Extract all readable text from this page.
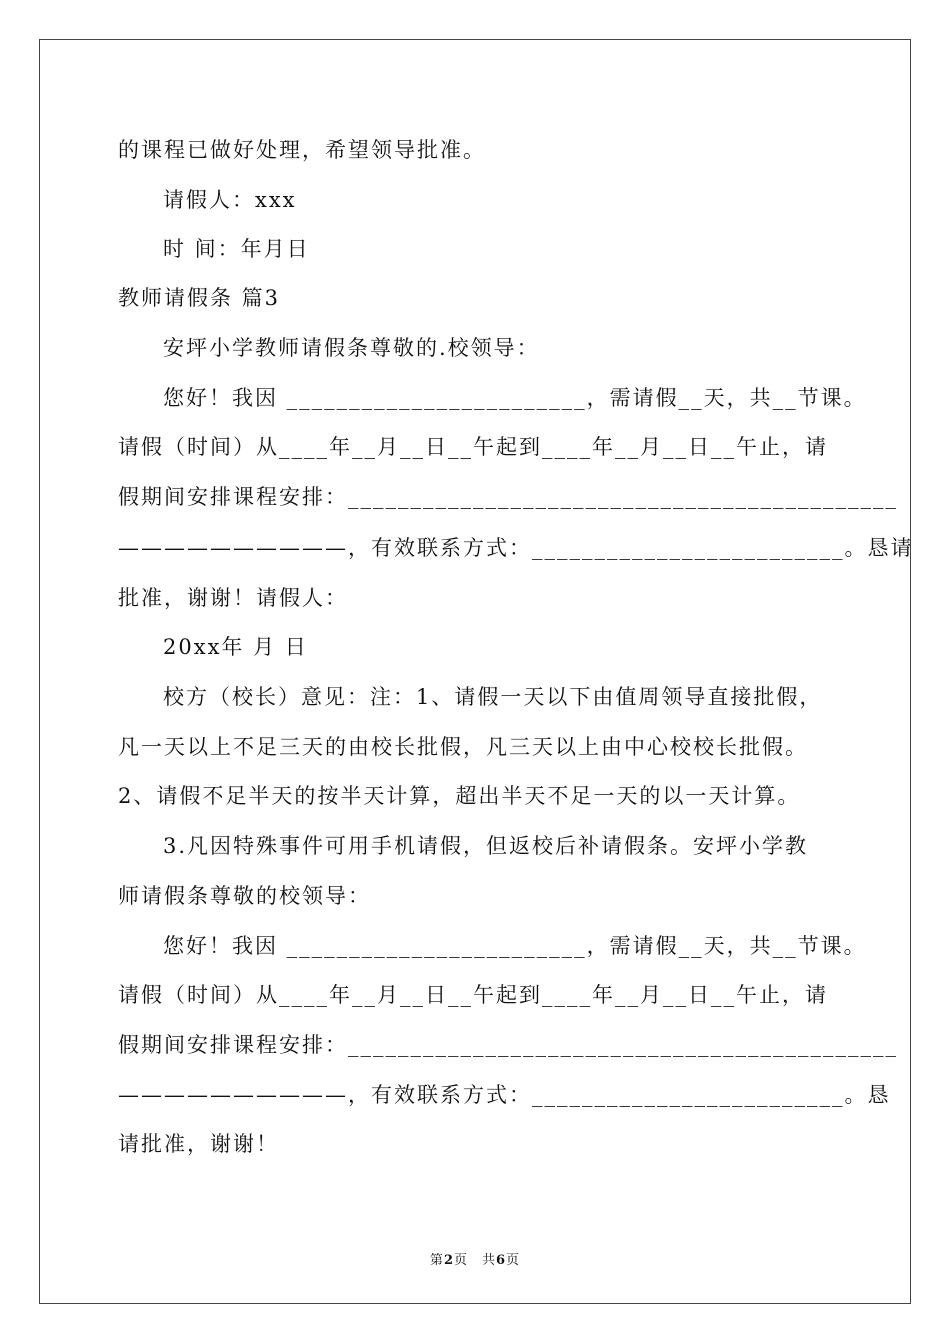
的课程已做好处理，希望领导批准。
请假人：xxx
时 间：年月日
教师请假条 篇3
安坪小学教师请假条尊敬的.校领导：
您好！我因 ________________________，需请假__天，共__节课。
请假（时间）从____年__月__日__午起到____年__月__日__午止，请
假期间安排课程安排：____________________________________________
——————————，有效联系方式：_________________________。恳请
批准，谢谢！请假人：
20xx年 月 日
校方（校长）意见：注：1、请假一天以下由值周领导直接批假，
凡一天以上不足三天的由校长批假，凡三天以上由中心校校长批假。
2、请假不足半天的按半天计算，超出半天不足一天的以一天计算。
3.凡因特殊事件可用手机请假，但返校后补请假条。安坪小学教
师请假条尊敬的校领导：
您好！我因 ________________________，需请假__天，共__节课。
请假（时间）从____年__月__日__午起到____年__月__日__午止，请
假期间安排课程安排：____________________________________________
——————————，有效联系方式：_________________________。恳
请批准，谢谢！
第2页　共6页
